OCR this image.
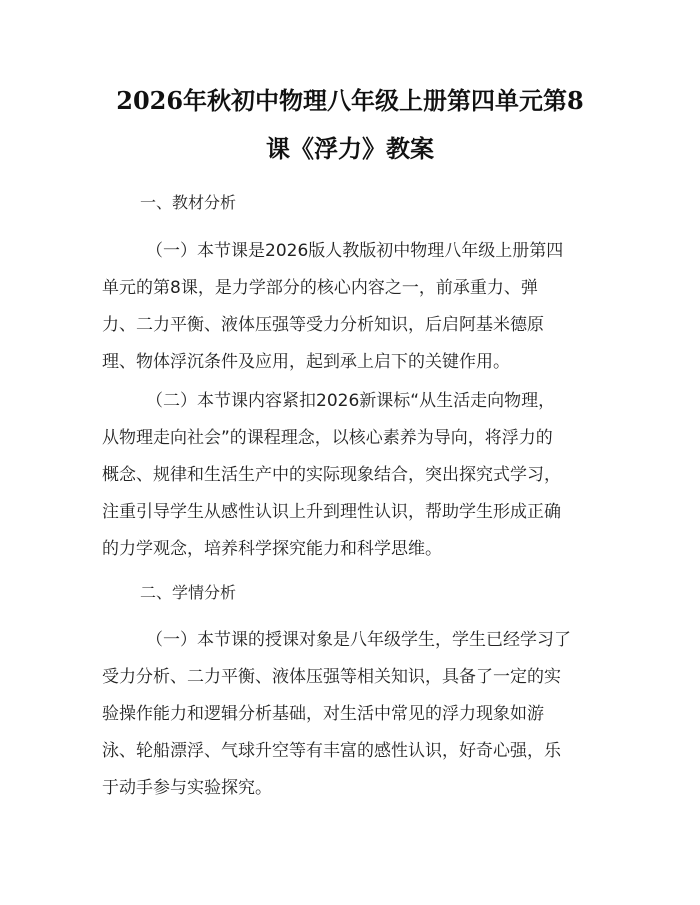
2026年秋初中物理八年级上册第四单元第8
课《浮力》教案
一、教材分析
（一）本节课是2026版人教版初中物理八年级上册第四
单元的第8课，是力学部分的核心内容之一，前承重力、弹
力、二力平衡、液体压强等受力分析知识，后启阿基米德原
理、物体浮沉条件及应用，起到承上启下的关键作用。
（二）本节课内容紧扣2026新课标“从生活走向物理，
从物理走向社会”的课程理念，以核心素养为导向，将浮力的
概念、规律和生活生产中的实际现象结合，突出探究式学习，
注重引导学生从感性认识上升到理性认识，帮助学生形成正确
的力学观念，培养科学探究能力和科学思维。
二、学情分析
（一）本节课的授课对象是八年级学生，学生已经学习了
受力分析、二力平衡、液体压强等相关知识，具备了一定的实
验操作能力和逻辑分析基础，对生活中常见的浮力现象如游
泳、轮船漂浮、气球升空等有丰富的感性认识，好奇心强，乐
于动手参与实验探究。
